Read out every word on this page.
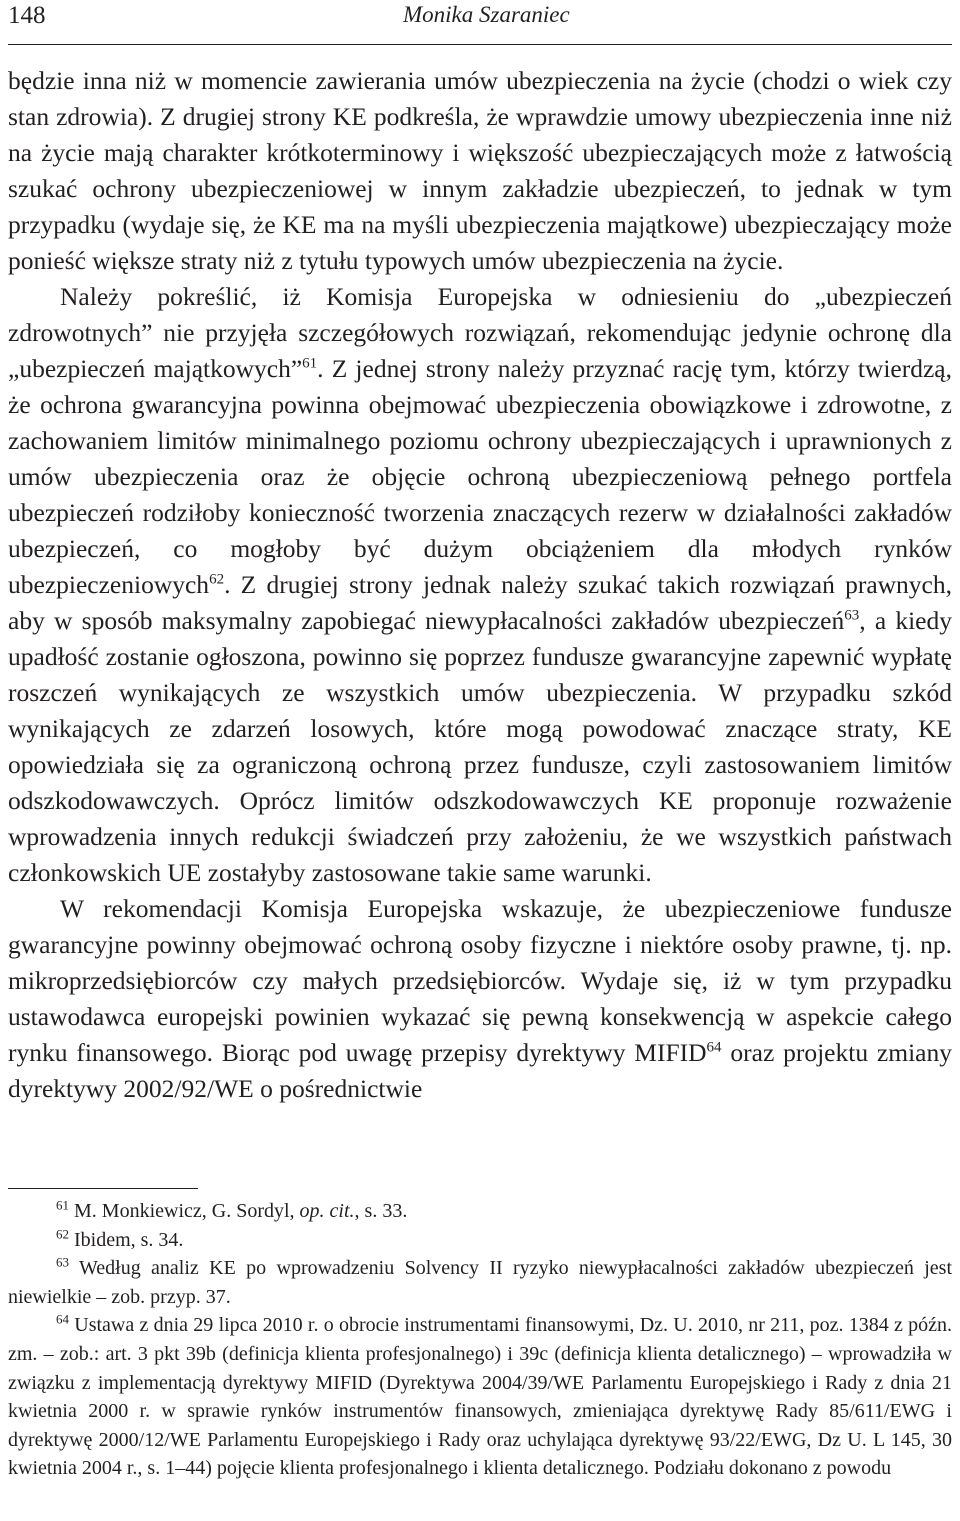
148	Monika Szaraniec

będzie inna niż w momencie zawierania umów ubezpieczenia na życie (chodzi o wiek czy stan zdrowia). Z drugiej strony KE podkreśla, że wprawdzie umowy ubezpieczenia inne niż na życie mają charakter krótkoterminowy i większość ubezpieczających może z łatwością szukać ochrony ubezpieczeniowej w innym zakładzie ubezpieczeń, to jednak w tym przypadku (wydaje się, że KE ma na myśli ubezpieczenia majątkowe) ubezpieczający może ponieść większe straty niż z tytułu typowych umów ubezpieczenia na życie.

Należy pokreślić, iż Komisja Europejska w odniesieniu do „ubezpieczeń zdrowotnych” nie przyjęła szczegółowych rozwiązań, rekomendując jedynie ochronę dla „ubezpieczeń majątkowych”$^{61}$. Z jednej strony należy przyznać rację tym, którzy twierdzą, że ochrona gwarancyjna powinna obejmować ubezpieczenia obowiązkowe i zdrowotne, z zachowaniem limitów minimalnego poziomu ochrony ubezpieczających i uprawnionych z umów ubezpieczenia oraz że objęcie ochroną ubezpieczeniową pełnego portfela ubezpieczeń rodziłoby konieczność tworzenia znaczących rezerw w działalności zakładów ubezpieczeń, co mogłoby być dużym obciążeniem dla młodych rynków ubezpieczeniowych$^{62}$. Z drugiej strony jednak należy szukać takich rozwiązań prawnych, aby w sposób maksymalny zapobiegać niewypłacalności zakładów ubezpieczeń$^{63}$, a kiedy upadłość zostanie ogłoszona, powinno się poprzez fundusze gwarancyjne zapewnić wypłatę roszczeń wynikających ze wszystkich umów ubezpieczenia. W przypadku szkód wynikających ze zdarzeń losowych, które mogą powodować znaczące straty, KE opowiedziała się za ograniczoną ochroną przez fundusze, czyli zastosowaniem limitów odszkodowawczych. Oprócz limitów odszkodowawczych KE proponuje rozważenie wprowadzenia innych redukcji świadczeń przy założeniu, że we wszystkich państwach członkowskich UE zostałyby zastosowane takie same warunki.

W rekomendacji Komisja Europejska wskazuje, że ubezpieczeniowe fundusze gwarancyjne powinny obejmować ochroną osoby fizyczne i niektóre osoby prawne, tj. np. mikroprzedsiębiorców czy małych przedsiębiorców. Wydaje się, iż w tym przypadku ustawodawca europejski powinien wykazać się pewną konsekwencją w aspekcie całego rynku finansowego. Biorąc pod uwagę przepisy dyrektywy MIFID$^{64}$ oraz projektu zmiany dyrektywy 2002/92/WE o pośrednictwie

$^{61}$ M. Monkiewicz, G. Sordyl, op. cit., s. 33.

$^{62}$ Ibidem, s. 34.

$^{63}$ Według analiz KE po wprowadzeniu Solvency II ryzyko niewypłacalności zakładów ubezpieczeń jest niewielkie – zob. przyp. 37.

$^{64}$ Ustawa z dnia 29 lipca 2010 r. o obrocie instrumentami finansowymi, Dz. U. 2010, nr 211, poz. 1384 z późn. zm. – zob.: art. 3 pkt 39b (definicja klienta profesjonalnego) i 39c (definicja klienta detalicznego) – wprowadziła w związku z implementacją dyrektywy MIFID (Dyrektywa 2004/39/WE Parlamentu Europejskiego i Rady z dnia 21 kwietnia 2000 r. w sprawie rynków instrumentów finansowych, zmieniająca dyrektywę Rady 85/611/EWG i dyrektywę 2000/12/WE Parlamentu Europejskiego i Rady oraz uchylająca dyrektywę 93/22/EWG, Dz U. L 145, 30 kwietnia 2004 r., s. 1–44) pojęcie klienta profesjonalnego i klienta detalicznego. Podziału dokonano z powodu
